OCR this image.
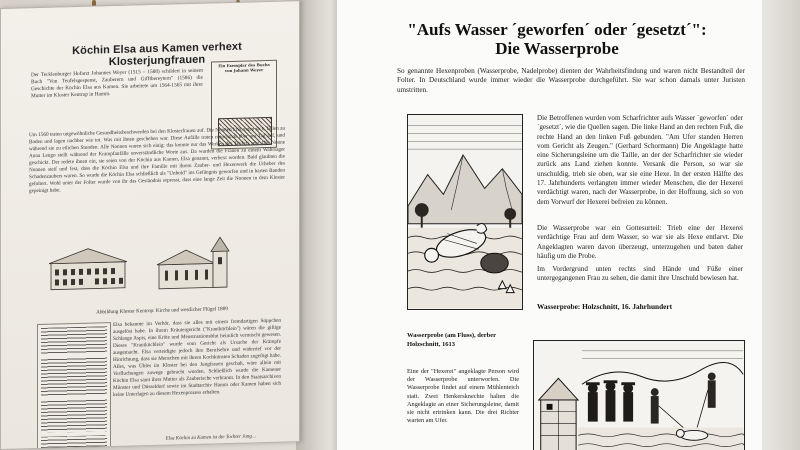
Köchin Elsa aus Kamen verhext Klosterjungfrauen
Der Tecklenburger Hofarzt Johannes Weyer (1515 – 1588) schildert in seinem Buch "Von Teufelsgespenst, Zauberern und Gifftbereytern" (1586) die Geschichte der Köchin Elsa aus Kamen. Sie arbeitete um 1564-1565 mit ihrer Mutter im Kloster Kentrop in Hamm.
Ein Exemplar des Buchs von Johann Weyer
Um 1560 traten ungewöhnliche Gesundheitsbeschwerden bei den Klosterfrauen auf. Die Nonnen krümmten sich, fielen zu Boden und lagen nachher wie tot. Was mit ihnen geschehen war. Diese Anfälle traten manchmal über am Tag auf, und während sie zu etlichen Stunden. Alle Nonnen waren sich einig: das konnte nur das Werken des Teufels sein. Die Nonne Anna Lengo stellt während der Krampfanfälle unverständliche Worte aus. Da wurden die Frauen zu einem Wahrsager geschickt. Der redete ihnen ein, sie seien von der Köchin aus Kamen, Elsa genannt, verhext worden. Bald glaubten die Nonnen steif und fest, dass die Köchin Elsa und ihre Familie mit ihrem Zauber- und Hexenwerk die Urheber des Schadenzaubers waren. So wurde die Köchin Elsa schließlich als "Unhold" ins Gefängnis geworfen und in harten Banden gefoltert. Wohl unter der Folter wurde von ihr das Geständnis erpresst, dass eine lange Zeit die Nonnen in dem Kloster gepeinigt habe.
Abbildung Kloster Kentrop: Kirche und westlicher Flügel 1809
Elsa bekannte im Verhör, dass sie alles mit einem fremdartigen Süppchen ausgelöst habe. In ihrem Kräutergericht ("Krautküchlein") wären die giftige Schlange Aspis, eine Kröte und Menstruationsblut heimlich vermischt gewesen. Dieses "Krautküchlein" wurde vom Gericht als Ursache der Krämpfe ausgemacht. Elsa verteidigte jedoch ihre Berufsehre und widerrief vor der Hinrichtung, dass sie Menschen mit ihrem Kochkünsten Schaden zugefügt habe. Alles, was Übles im Kloster bei den Jungfrauen geschah, wäre allein mit Verfluchungen zuwege gebracht worden. Schließlich wurde die Kamener Köchin Elsa samt ihrer Mutter als Zauberische verbrannt. In den Staatsarchiven Münster und Düsseldorf sowie im Stadtarchiv Hamm oder Kamen haben sich keine Unterlagen zu diesem Hexenprozess erhalten.
Elsa Köchin zu Kamen ist die Tochter Jung…
"Aufs Wasser ´geworfen´ oder ´gesetzt´":
Die Wasserprobe
So genannte Hexenproben (Wasserprobe, Nadelprobe) dienten der Wahrheitsfindung und waren nicht Bestandteil der Folter. In Deutschland wurde immer wieder die Wasserprobe durchgeführt. Sie war schon damals unter Juristen umstritten.
Die Betroffenen wurden vom Scharfrichter aufs Wasser ´geworfen´ oder ´gesetzt´, wie die Quellen sagen. Die linke Hand an den rechten Fuß, die rechte Hand an den linken Fuß gebunden. "Am Ufer standen Herren vom Gericht als Zeugen." (Gerhard Schormann) Die Angeklagte hatte eine Sicherungsleine um die Taille, an der der Scharfrichter sie wieder zurück ans Land ziehen konnte. Versank die Person, so war sie unschuldig, trieb sie oben, war sie eine Hexe. In der ersten Hälfte des 17. Jahrhunderts verlangten immer wieder Menschen, die der Hexerei verdächtigt waren, nach der Wasserprobe, in der Hoffnung, sich so von dem Vorwurf der Hexerei befreien zu können.
Die Wasserprobe war ein Gottesurteil: Trieb eine der Hexerei verdächtige Frau auf dem Wasser, so war sie als Hexe entlarvt. Die Angeklagten waren davon überzeugt, unterzugehen und baten daher häufig um die Probe.
Im Vordergrund unten rechts sind Hände und Füße einer untergegangenen Frau zu sehen, die damit ihre Unschuld bewiesen hat.
Wasserprobe: Holzschnitt, 16. Jahrhundert
Wasserprobe (am Fluss), derber Holzschnitt, 1613
Eine der "Hexerei" angeklagte Person wird der Wasserprobe unterworfen. Die Wasserprobe findet auf einem Mühlenteich statt. Zwei Henkersknechte halten die Angeklagte an einer Sicherungsleine, damit sie nicht ertrinken kann. Die drei Richter warten am Ufer.
